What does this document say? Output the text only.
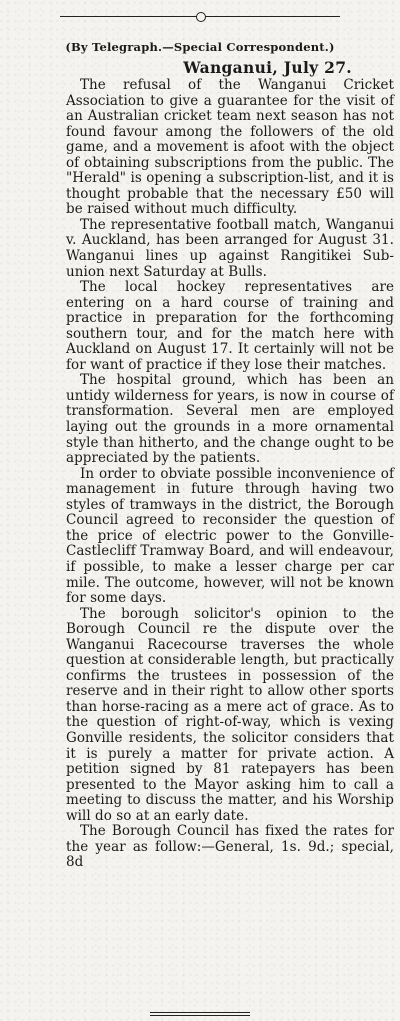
(By Telegraph.—Special Correspondent.)
Wanganui, July 27.

The refusal of the Wanganui Cricket Association to give a guarantee for the visit of an Australian cricket team next season has not found favour among the followers of the old game, and a movement is afoot with the object of obtaining subscriptions from the public. The "Herald" is opening a subscription-list, and it is thought probable that the necessary £50 will be raised without much difficulty.

The representative football match, Wanganui v. Auckland, has been arranged for August 31. Wanganui lines up against Rangitikei Sub-union next Saturday at Bulls.

The local hockey representatives are entering on a hard course of training and practice in preparation for the forthcoming southern tour, and for the match here with Auckland on August 17. It certainly will not be for want of practice if they lose their matches.

The hospital ground, which has been an untidy wilderness for years, is now in course of transformation. Several men are employed laying out the grounds in a more ornamental style than hitherto, and the change ought to be appreciated by the patients.

In order to obviate possible inconvenience of management in future through having two styles of tramways in the district, the Borough Council agreed to reconsider the question of the price of electric power to the Gonville-Castlecliff Tramway Board, and will endeavour, if possible, to make a lesser charge per car mile. The outcome, however, will not be known for some days.

The borough solicitor's opinion to the Borough Council re the dispute over the Wanganui Racecourse traverses the whole question at considerable length, but practically confirms the trustees in possession of the reserve and in their right to allow other sports than horse-racing as a mere act of grace. As to the question of right-of-way, which is vexing Gonville residents, the solicitor considers that it is purely a matter for private action. A petition signed by 81 ratepayers has been presented to the Mayor asking him to call a meeting to discuss the matter, and his Worship will do so at an early date.

The Borough Council has fixed the rates for the year as follow:—General, 1s. 9d.; special, 8d
